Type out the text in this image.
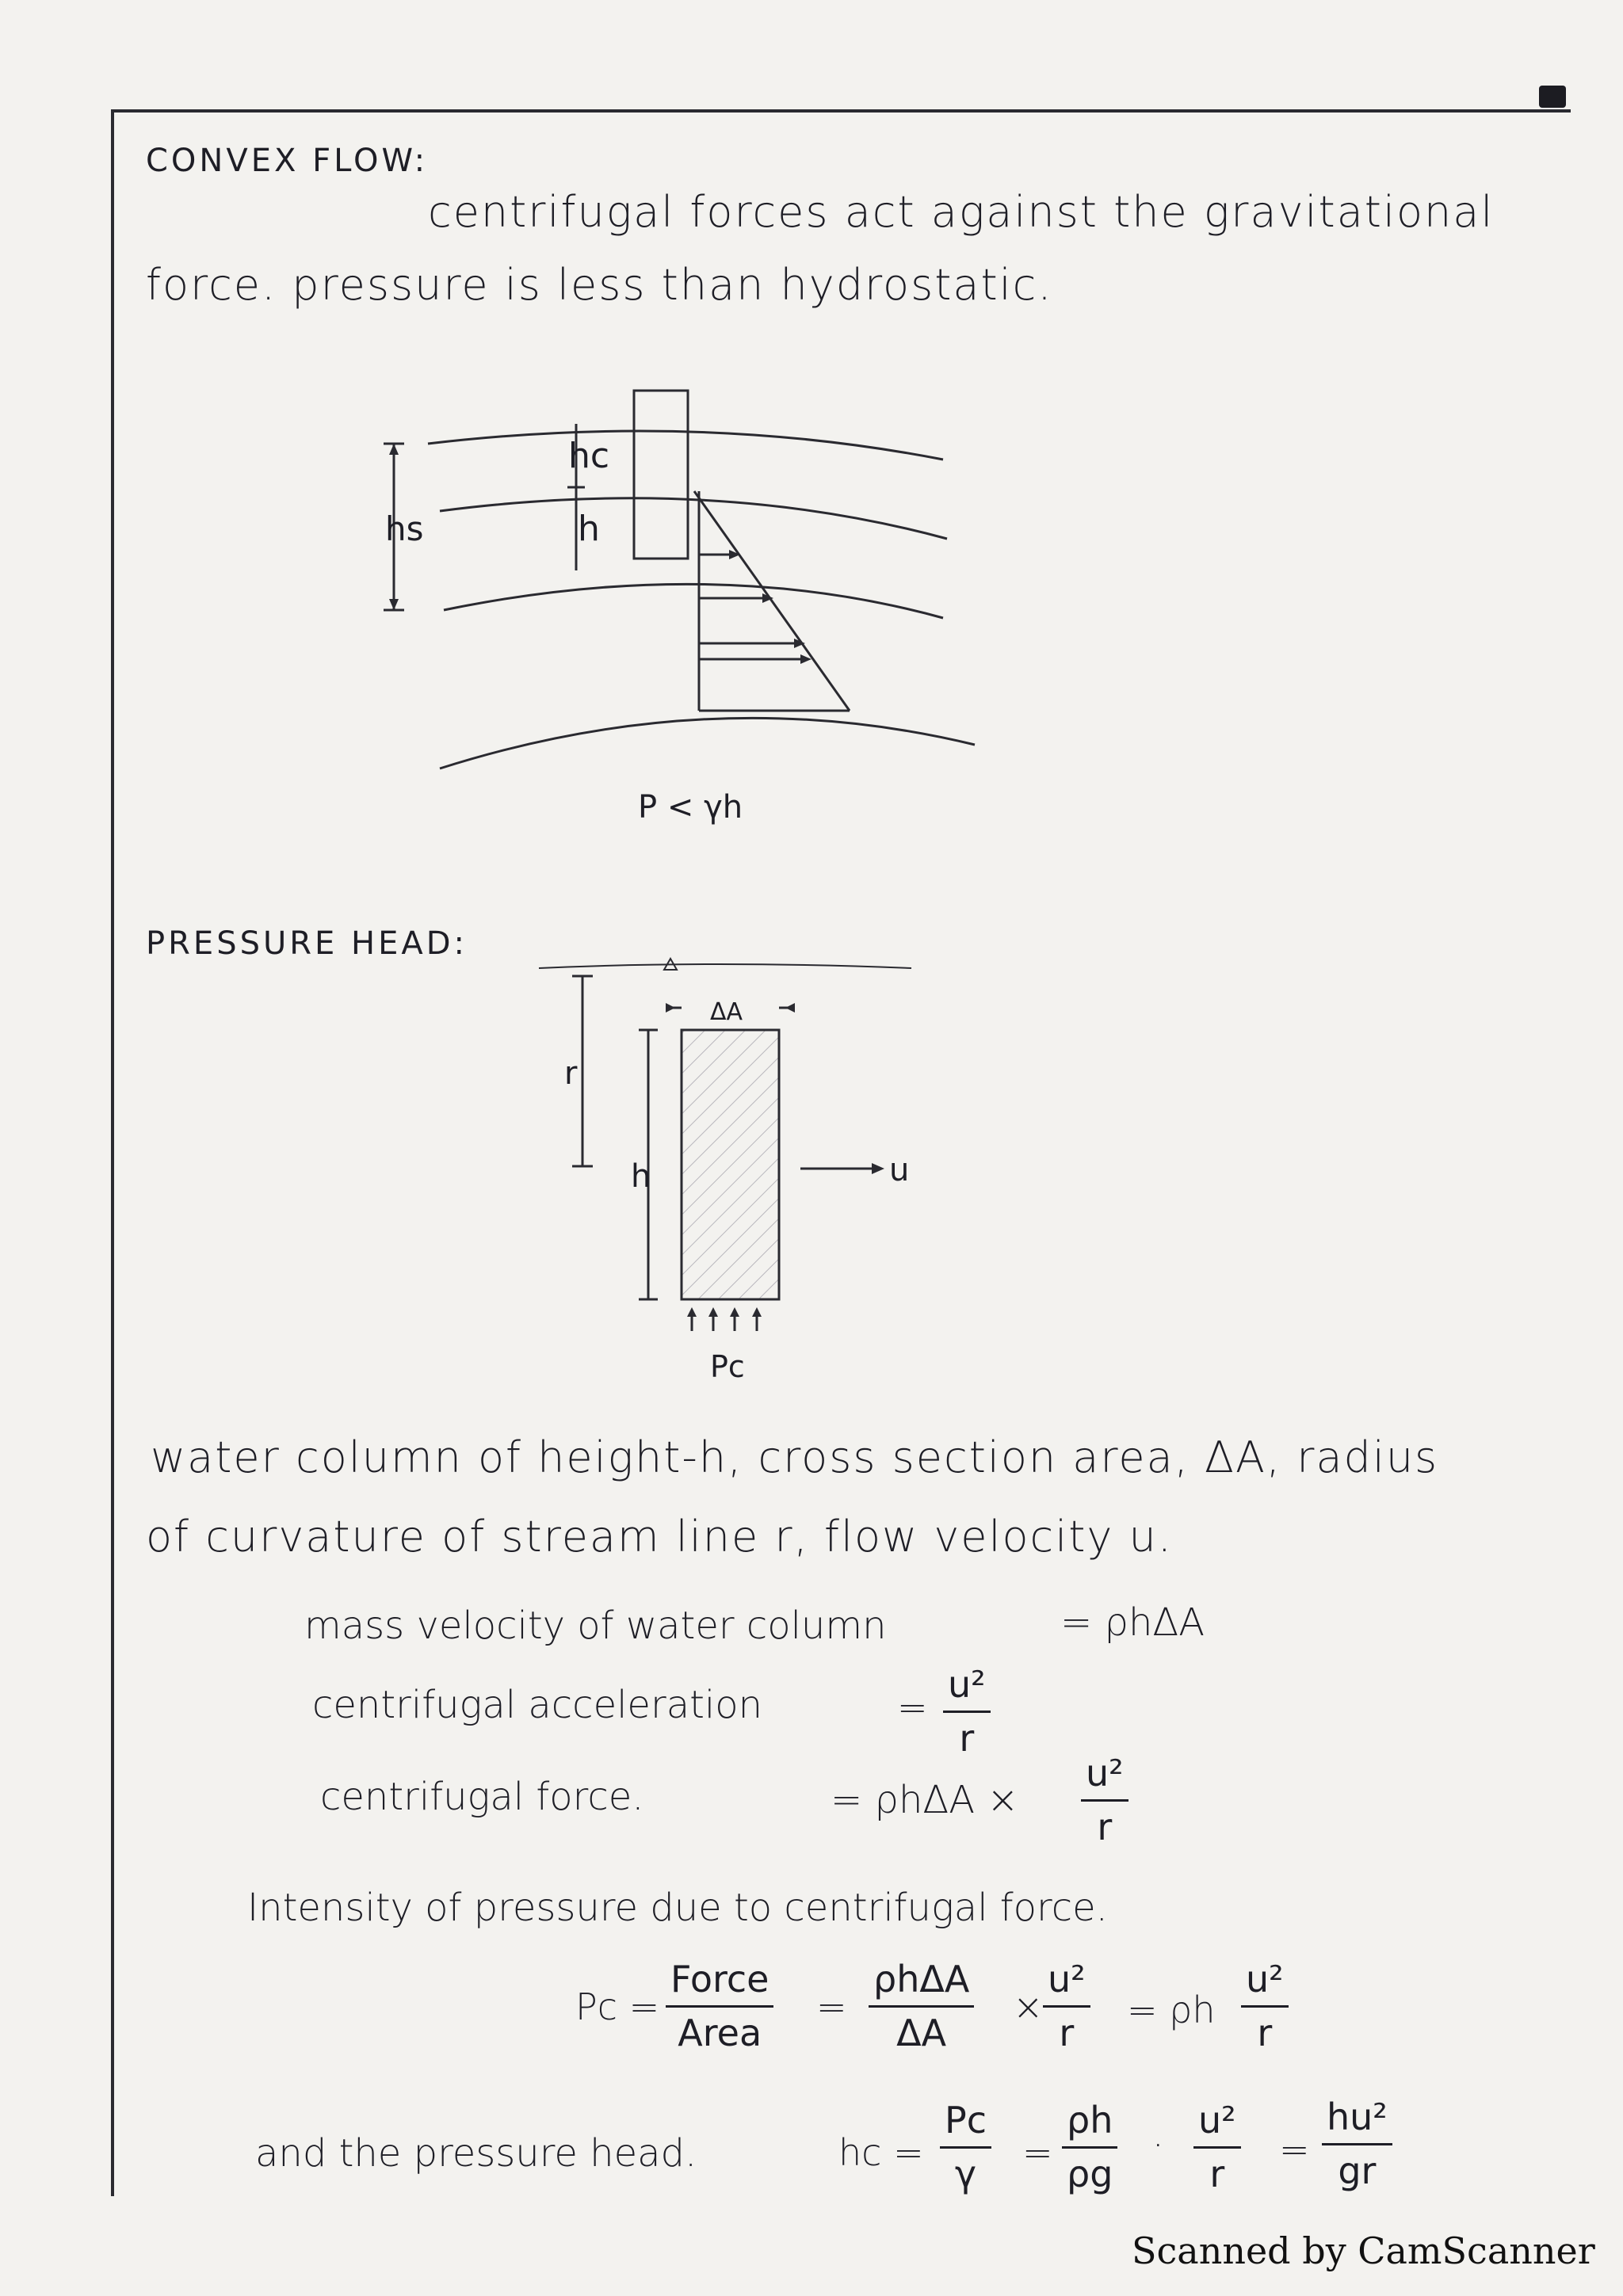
CONVEX FLOW:
centrifugal forces act against the gravitational
force. pressure is less than hydrostatic.
hc
h
hs
P < γh
ΔA
r
h	u
Pc
PRESSURE HEAD:
water column of height-h, cross section area, ΔA, radius
of curvature of stream line r, flow velocity u.
mass velocity of water column	= ρhΔA
centrifugal acceleration	=
u²
r
centrifugal force.	= ρhΔA ×
u²
r
Intensity of pressure due to centrifugal force.
Pc =
Force
Area
=
ρhΔA
ΔA
×
u²
r
= ρh
u²
r
and the pressure head.	hc =
Pc
γ =
ρh
ρg
·
u²
r
=
hu²
gr
Scanned by CamScanner
